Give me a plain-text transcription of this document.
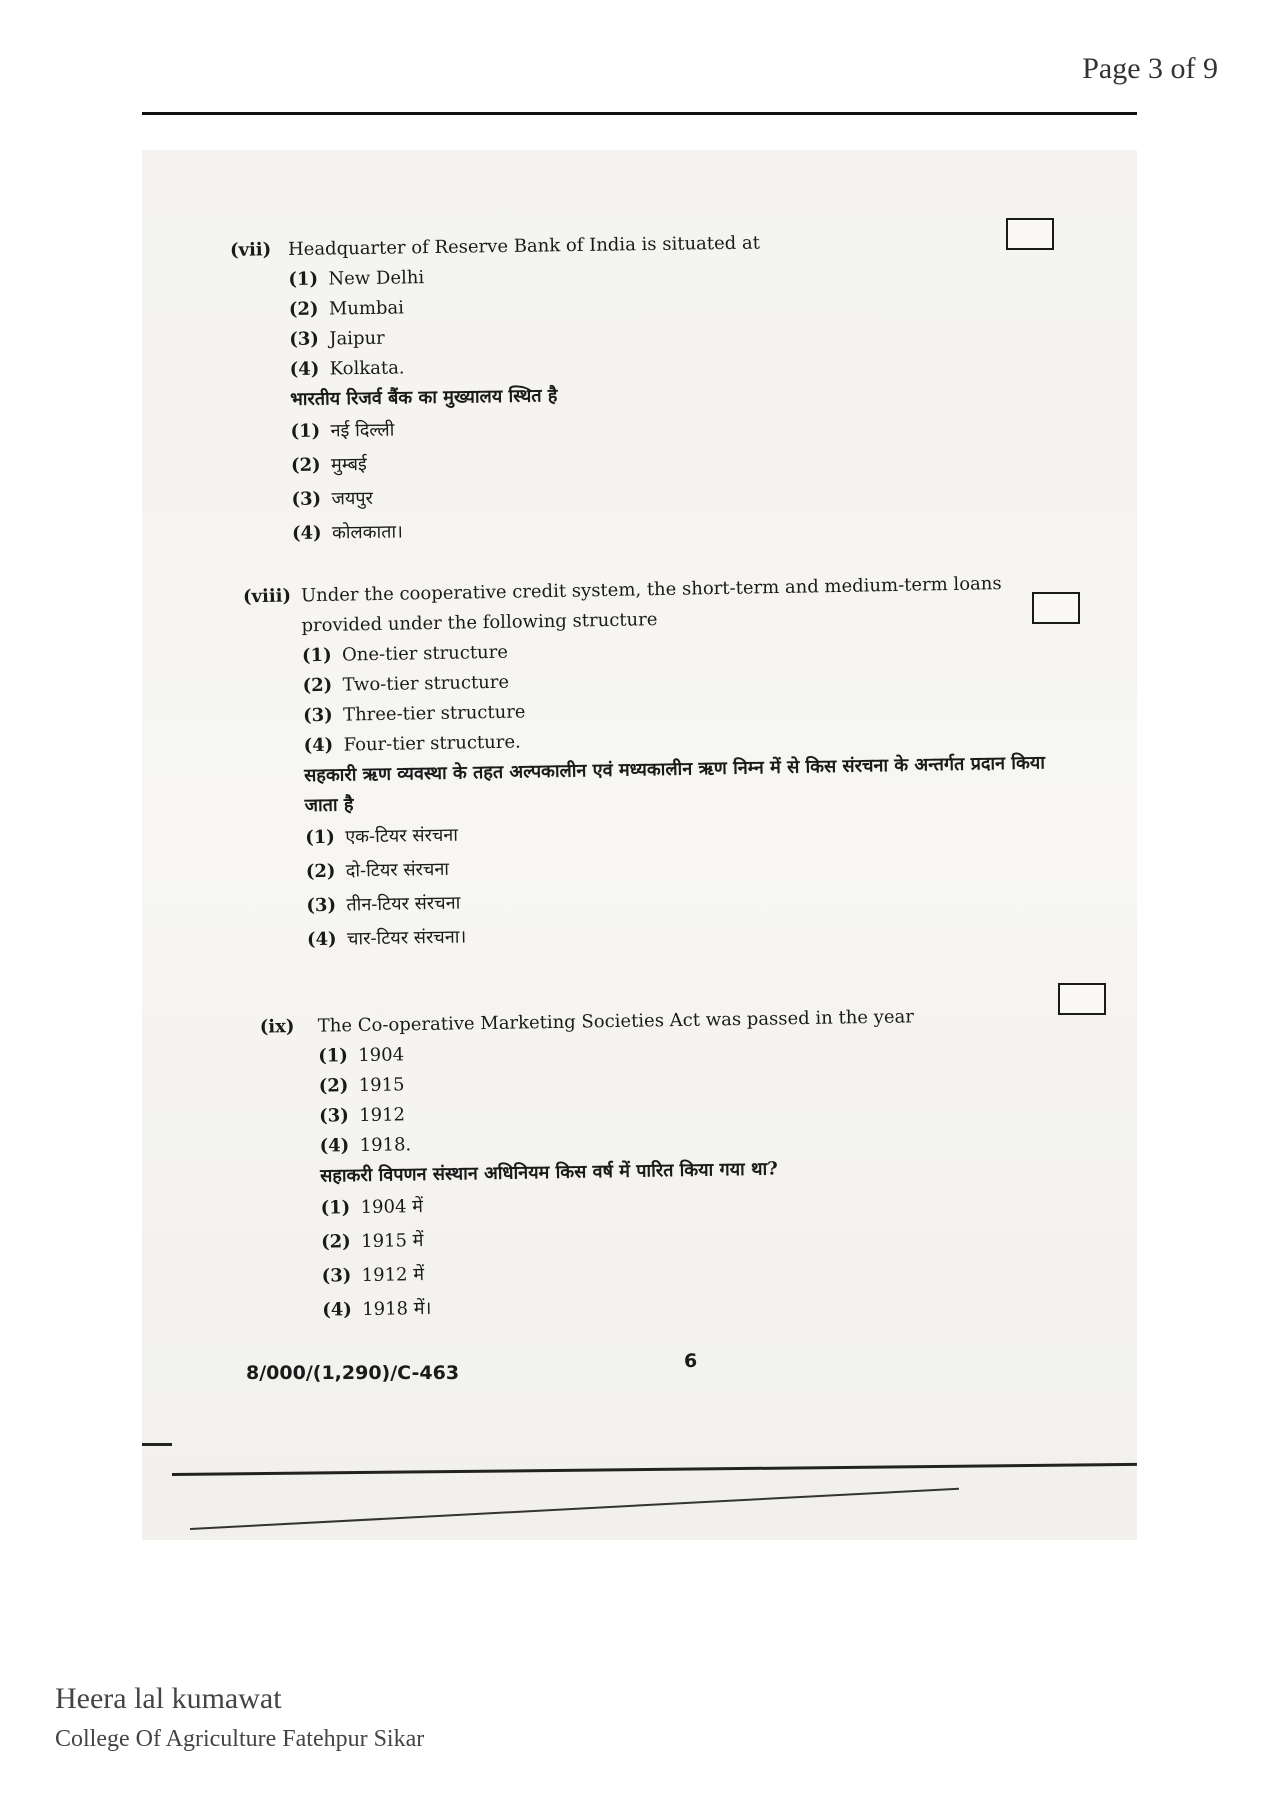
Page 3 of 9
(vii) Headquarter of Reserve Bank of India is situated at
(1) New Delhi
(2) Mumbai
(3) Jaipur
(4) Kolkata.
भारतीय रिजर्व बैंक का मुख्यालय स्थित है
(1) नई दिल्ली
(2) मुम्बई
(3) जयपुर
(4) कोलकाता।
(viii) Under the cooperative credit system, the short-term and medium-term loans provided under the following structure
(1) One-tier structure
(2) Two-tier structure
(3) Three-tier structure
(4) Four-tier structure.
सहकारी ऋण व्यवस्था के तहत अल्पकालीन एवं मध्यकालीन ऋण निम्न में से किस संरचना के अन्तर्गत प्रदान किया जाता है
(1) एक-टियर संरचना
(2) दो-टियर संरचना
(3) तीन-टियर संरचना
(4) चार-टियर संरचना।
(ix)	The Co-operative Marketing Societies Act was passed in the year
(1) 1904
(2) 1915
(3) 1912
(4) 1918.
सहाकरी विपणन संस्थान अधिनियम किस वर्ष में पारित किया गया था?
(1) 1904 में
(2) 1915 में
(3) 1912 में
(4) 1918 में।
8/000/(1,290)/C-463
6
Heera lal kumawat
College Of Agriculture Fatehpur Sikar
